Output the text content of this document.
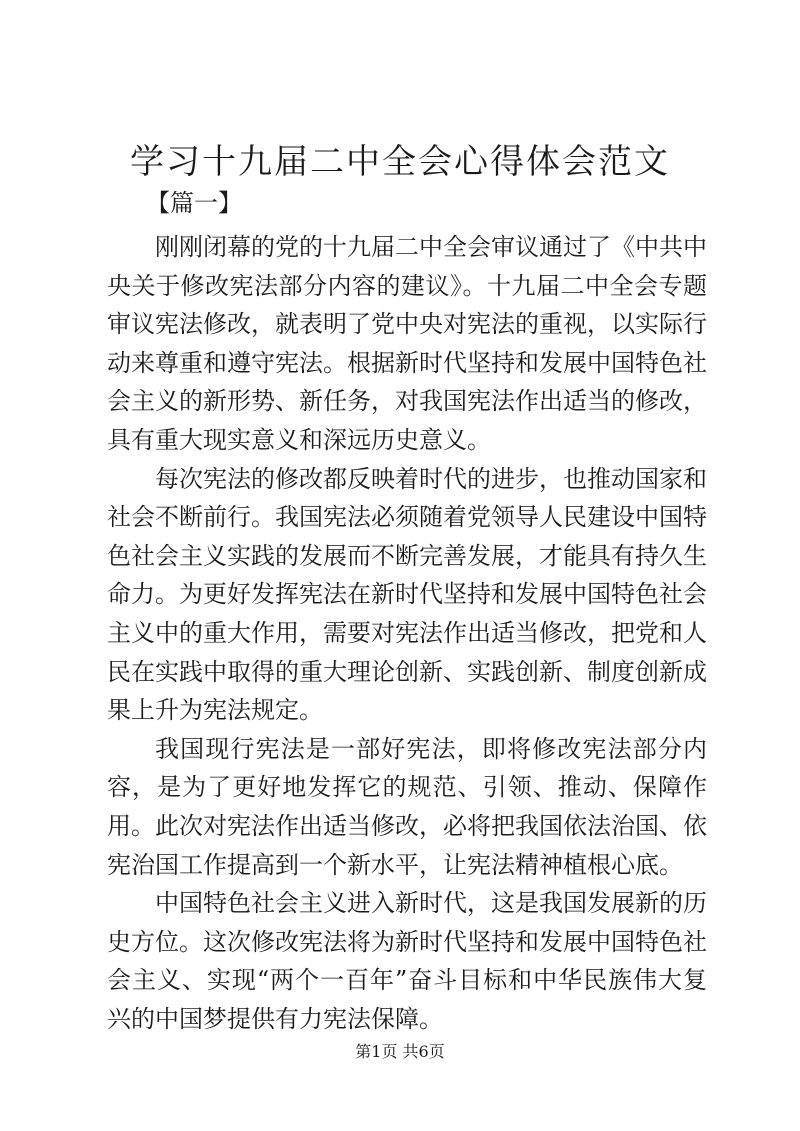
学习十九届二中全会心得体会范文
【篇一】

刚刚闭幕的党的十九届二中全会审议通过了《中共中央关于修改宪法部分内容的建议》。十九届二中全会专题审议宪法修改，就表明了党中央对宪法的重视，以实际行动来尊重和遵守宪法。根据新时代坚持和发展中国特色社会主义的新形势、新任务，对我国宪法作出适当的修改，具有重大现实意义和深远历史意义。

每次宪法的修改都反映着时代的进步，也推动国家和社会不断前行。我国宪法必须随着党领导人民建设中国特色社会主义实践的发展而不断完善发展，才能具有持久生命力。为更好发挥宪法在新时代坚持和发展中国特色社会主义中的重大作用，需要对宪法作出适当修改，把党和人民在实践中取得的重大理论创新、实践创新、制度创新成果上升为宪法规定。

我国现行宪法是一部好宪法，即将修改宪法部分内容，是为了更好地发挥它的规范、引领、推动、保障作用。此次对宪法作出适当修改，必将把我国依法治国、依宪治国工作提高到一个新水平，让宪法精神植根心底。

中国特色社会主义进入新时代，这是我国发展新的历史方位。这次修改宪法将为新时代坚持和发展中国特色社会主义、实现“两个一百年”奋斗目标和中华民族伟大复兴的中国梦提供有力宪法保障。

第1页 共6页
